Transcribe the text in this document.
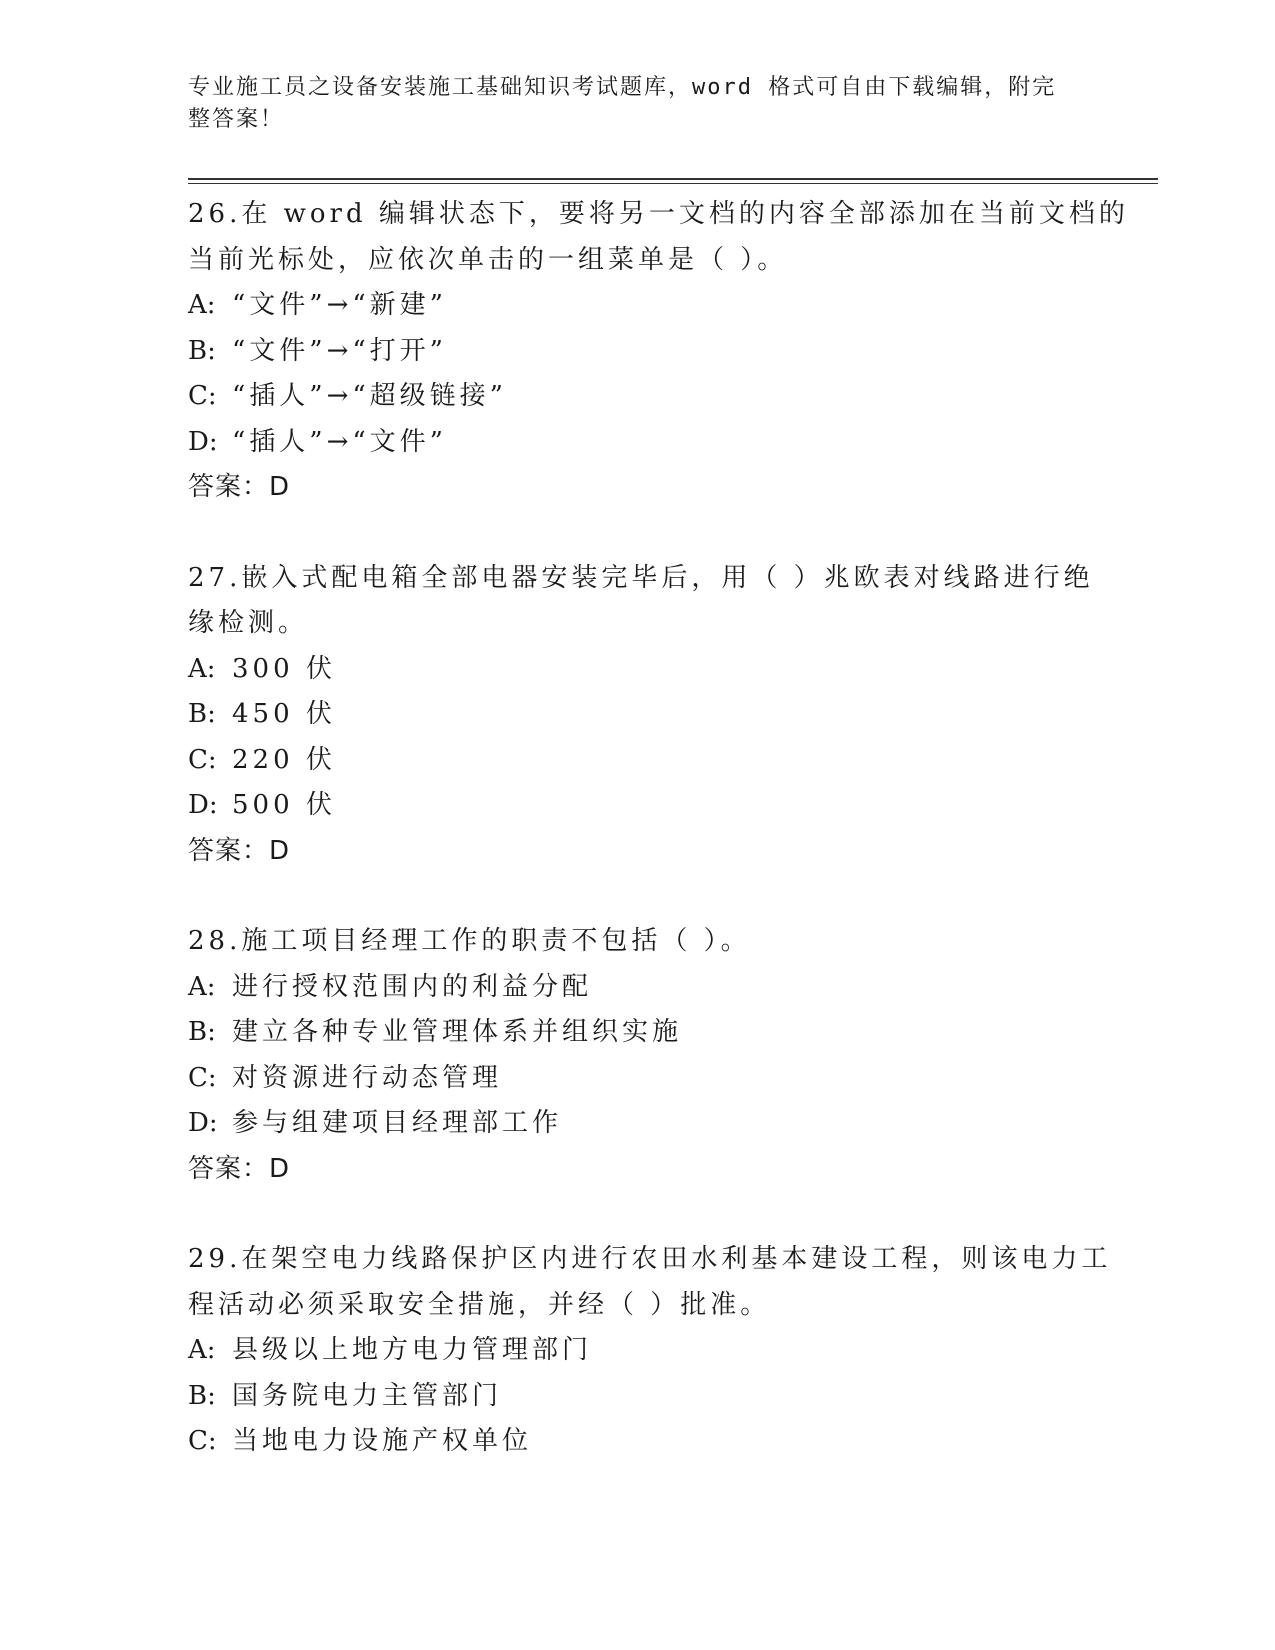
专业施工员之设备安装施工基础知识考试题库，word 格式可自由下载编辑，附完
整答案！
26.在 word 编辑状态下，要将另一文档的内容全部添加在当前文档的
当前光标处，应依次单击的一组菜单是（ ）。
A: “文件”→“新建”
B: “文件”→“打开”
C: “插人”→“超级链接”
D: “插人”→“文件”
答案：D
27.嵌入式配电箱全部电器安装完毕后，用（ ）兆欧表对线路进行绝
缘检测。
A: 300 伏
B: 450 伏
C: 220 伏
D: 500 伏
答案：D
28.施工项目经理工作的职责不包括（ ）。
A: 进行授权范围内的利益分配
B: 建立各种专业管理体系并组织实施
C: 对资源进行动态管理
D: 参与组建项目经理部工作
答案：D
29.在架空电力线路保护区内进行农田水利基本建设工程，则该电力工
程活动必须采取安全措施，并经（ ）批准。
A: 县级以上地方电力管理部门
B: 国务院电力主管部门
C: 当地电力设施产权单位
